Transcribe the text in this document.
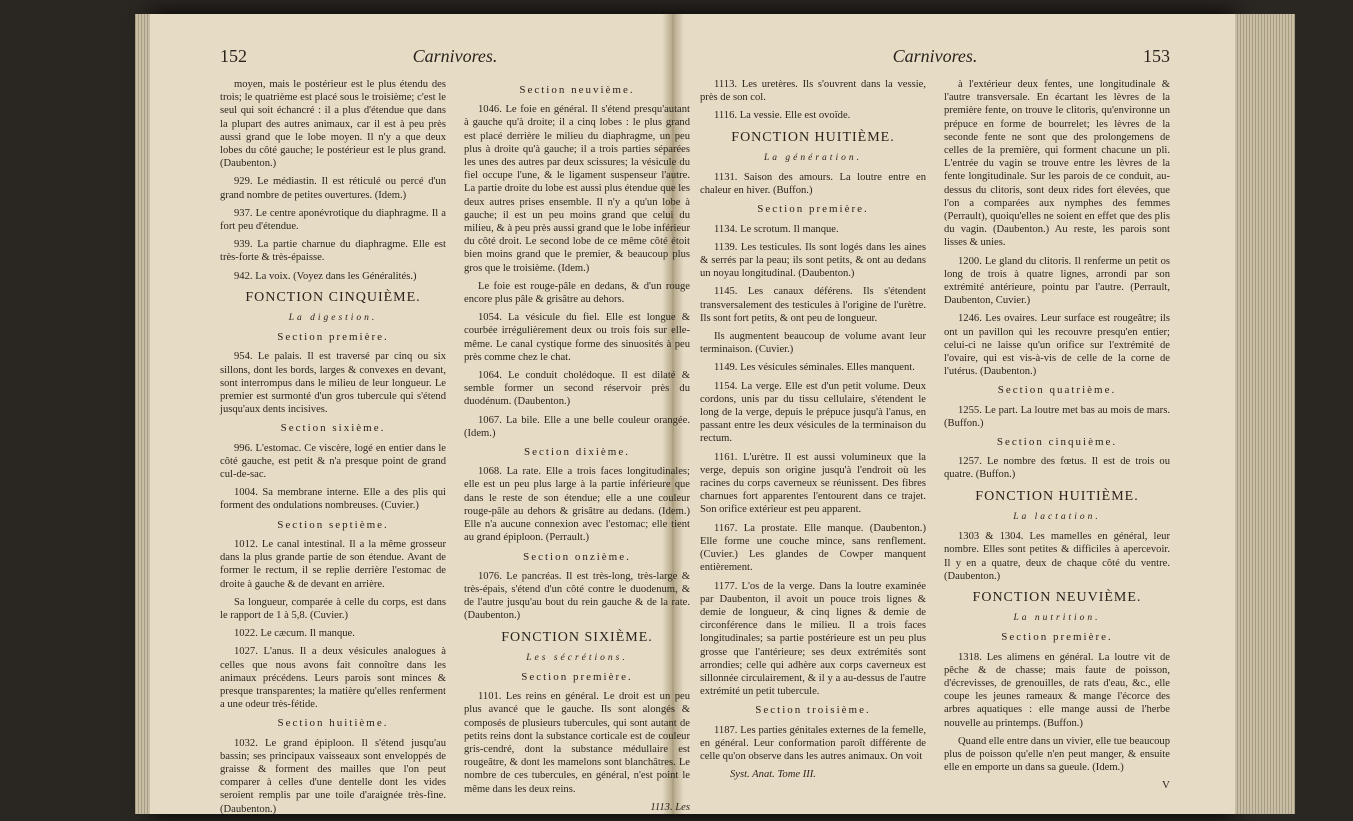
Carnivores.
152

moyen, mais le postérieur est le plus étendu des trois; le quatrième est placé sous le troisième; c'est le seul qui soit échancré : il a plus d'étendue que dans la plupart des autres animaux, car il est à peu près aussi grand que le lobe moyen. Il n'y a que deux lobes du côté gauche; le postérieur est le plus grand. (Daubenton.)

929. Le médiastin. Il est réticulé ou percé d'un grand nombre de petites ouvertures. (Idem.)

937. Le centre aponévrotique du diaphragme. Il a fort peu d'étendue.

939. La partie charnue du diaphragme. Elle est très-forte & très-épaisse.

942. La voix. (Voyez dans les Généralités.)

FONCTION CINQUIÈME.
La digestion.
Section première.

954. Le palais. Il est traversé par cinq ou six sillons, dont les bords, larges & convexes en devant, sont interrompus dans le milieu de leur longueur. Le premier est surmonté d'un gros tubercule qui s'étend jusqu'aux dents incisives.

Section sixième.

996. L'estomac. Ce viscère, logé en entier dans le côté gauche, est petit & n'a presque point de grand cul-de-sac.

1004. Sa membrane interne. Elle a des plis qui forment des ondulations nombreuses. (Cuvier.)

Section septième.

1012. Le canal intestinal. Il a la même grosseur dans la plus grande partie de son étendue. Avant de former le rectum, il se replie derrière l'estomac de droite à gauche & de devant en arrière.

Sa longueur, comparée à celle du corps, est dans le rapport de 1 à 5,8. (Cuvier.)

1022. Le cæcum. Il manque.

1027. L'anus. Il a deux vésicules analogues à celles que nous avons fait connoître dans les animaux précédens. Leurs parois sont minces & presque transparentes; la matière qu'elles renferment a une odeur très-fétide.

Section huitième.

1032. Le grand épiploon. Il s'étend jusqu'au bassin; ses principaux vaisseaux sont enveloppés de graisse & forment des mailles que l'on peut comparer à celles d'une dentelle dont les vides seroient remplis par une toile d'araignée très-fine. (Daubenton.)

Section neuvième.

1046. Le foie en général. Il s'étend presqu'autant à gauche qu'à droite; il a cinq lobes : le plus grand est placé derrière le milieu du diaphragme, un peu plus à droite qu'à gauche; il a trois parties séparées les unes des autres par deux scissures; la vésicule du fiel occupe l'une, & le ligament suspenseur l'autre. La partie droite du lobe est aussi plus étendue que les deux autres prises ensemble. Il n'y a qu'un lobe à gauche; il est un peu moins grand que celui du milieu, & à peu près aussi grand que le lobe inférieur du côté droit. Le second lobe de ce même côté étoit bien moins grand que le premier, & beaucoup plus gros que le troisième. (Idem.)

Le foie est rouge-pâle en dedans, & d'un rouge encore plus pâle & grisâtre au dehors.

1054. La vésicule du fiel. Elle est longue & courbée irrégulièrement deux ou trois fois sur elle-même. Le canal cystique forme des sinuosités à peu près comme chez le chat.

1064. Le conduit cholédoque. Il est dilaté & semble former un second réservoir près du duodénum. (Daubenton.)

1067. La bile. Elle a une belle couleur orangée. (Idem.)

Section dixième.

1068. La rate. Elle a trois faces longitudinales; elle est un peu plus large à la partie inférieure que dans le reste de son étendue; elle a une couleur rouge-pâle au dehors & grisâtre au dedans. (Idem.) Elle n'a aucune connexion avec l'estomac; elle tient au grand épiploon. (Perrault.)

Section onzième.

1076. Le pancréas. Il est très-long, très-large & très-épais, s'étend d'un côté contre le duodenum, & de l'autre jusqu'au bout du rein gauche & de la rate. (Daubenton.)

FONCTION SIXIÈME.
Les sécrétions.
Section première.

1101. Les reins en général. Le droit est un peu plus avancé que le gauche. Ils sont alongés & composés de plusieurs tubercules, qui sont autant de petits reins dont la substance corticale est de couleur gris-cendré, dont la substance médullaire est rougeâtre, & dont les mamelons sont blanchâtres. Le nombre de ces tubercules, en général, n'est point le même dans les deux reins.

1113. Les
Carnivores.	153

1113. Les uretères. Ils s'ouvrent dans la vessie, près de son col.

1116. La vessie. Elle est ovoïde.

FONCTION HUITIÈME.
La génération.

1131. Saison des amours. La loutre entre en chaleur en hiver. (Buffon.)

Section première.

1134. Le scrotum. Il manque.

1139. Les testicules. Ils sont logés dans les aines & serrés par la peau; ils sont petits, & ont au dedans un noyau longitudinal. (Daubenton.)

1145. Les canaux déférens. Ils s'étendent transversalement des testicules à l'origine de l'urètre. Ils sont fort petits, & ont peu de longueur.

Ils augmentent beaucoup de volume avant leur terminaison. (Cuvier.)

1149. Les vésicules séminales. Elles manquent.

1154. La verge. Elle est d'un petit volume. Deux cordons, unis par du tissu cellulaire, s'étendent le long de la verge, depuis le prépuce jusqu'à l'anus, en passant entre les deux vésicules de la terminaison du rectum.

1161. L'urètre. Il est aussi volumineux que la verge, depuis son origine jusqu'à l'endroit où les racines du corps caverneux se réunissent. Des fibres charnues fort apparentes l'entourent dans ce trajet. Son orifice extérieur est peu apparent.

1167. La prostate. Elle manque. (Daubenton.) Elle forme une couche mince, sans renflement. (Cuvier.) Les glandes de Cowper manquent entièrement.

1177. L'os de la verge. Dans la loutre examinée par Daubenton, il avoit un pouce trois lignes & demie de longueur, & cinq lignes & demie de circonférence dans le milieu. Il a trois faces longitudinales; sa partie postérieure est un peu plus grosse que l'antérieure; ses deux extrémités sont arrondies; celle qui adhère aux corps caverneux est sillonnée circulairement, & il y a au-dessus de l'autre extrémité un petit tubercule.

Section troisième.

1187. Les parties génitales externes de la femelle, en général. Leur conformation paroît différente de celle qu'on observe dans les autres animaux. On voit

Syst. Anat. Tome III.

à l'extérieur deux fentes, une longitudinale & l'autre transversale. En écartant les lèvres de la première fente, on trouve le clitoris, qu'environne un prépuce en forme de bourrelet; les lèvres de la seconde fente ne sont que des prolongemens de celles de la première, qui forment chacune un pli. L'entrée du vagin se trouve entre les lèvres de la fente longitudinale. Sur les parois de ce conduit, au-dessus du clitoris, sont deux rides fort élevées, que l'on a comparées aux nymphes des femmes (Perrault), quoiqu'elles ne soient en effet que des plis du vagin. (Daubenton.) Au reste, les parois sont lisses & unies.

1200. Le gland du clitoris. Il renferme un petit os long de trois à quatre lignes, arrondi par son extrémité antérieure, pointu par l'autre. (Perrault, Daubenton, Cuvier.)

1246. Les ovaires. Leur surface est rougeâtre; ils ont un pavillon qui les recouvre presqu'en entier; celui-ci ne laisse qu'un orifice sur l'extrémité de l'ovaire, qui est vis-à-vis de celle de la corne de l'utérus. (Daubenton.)

Section quatrième.

1255. Le part. La loutre met bas au mois de mars. (Buffon.)

Section cinquième.

1257. Le nombre des fœtus. Il est de trois ou quatre. (Buffon.)

FONCTION HUITIÈME.
La lactation.

1303 & 1304. Les mamelles en général, leur nombre. Elles sont petites & difficiles à apercevoir. Il y en a quatre, deux de chaque côté du ventre. (Daubenton.)

FONCTION NEUVIÈME.
La nutrition.
Section première.

1318. Les alimens en général. La loutre vit de pêche & de chasse; mais faute de poisson, d'écrevisses, de grenouilles, de rats d'eau, &c., elle coupe les jeunes rameaux & mange l'écorce des arbres aquatiques : elle mange aussi de l'herbe nouvelle au printemps. (Buffon.)

Quand elle entre dans un vivier, elle tue beaucoup plus de poisson qu'elle n'en peut manger, & ensuite elle en emporte un dans sa gueule. (Idem.)

V
